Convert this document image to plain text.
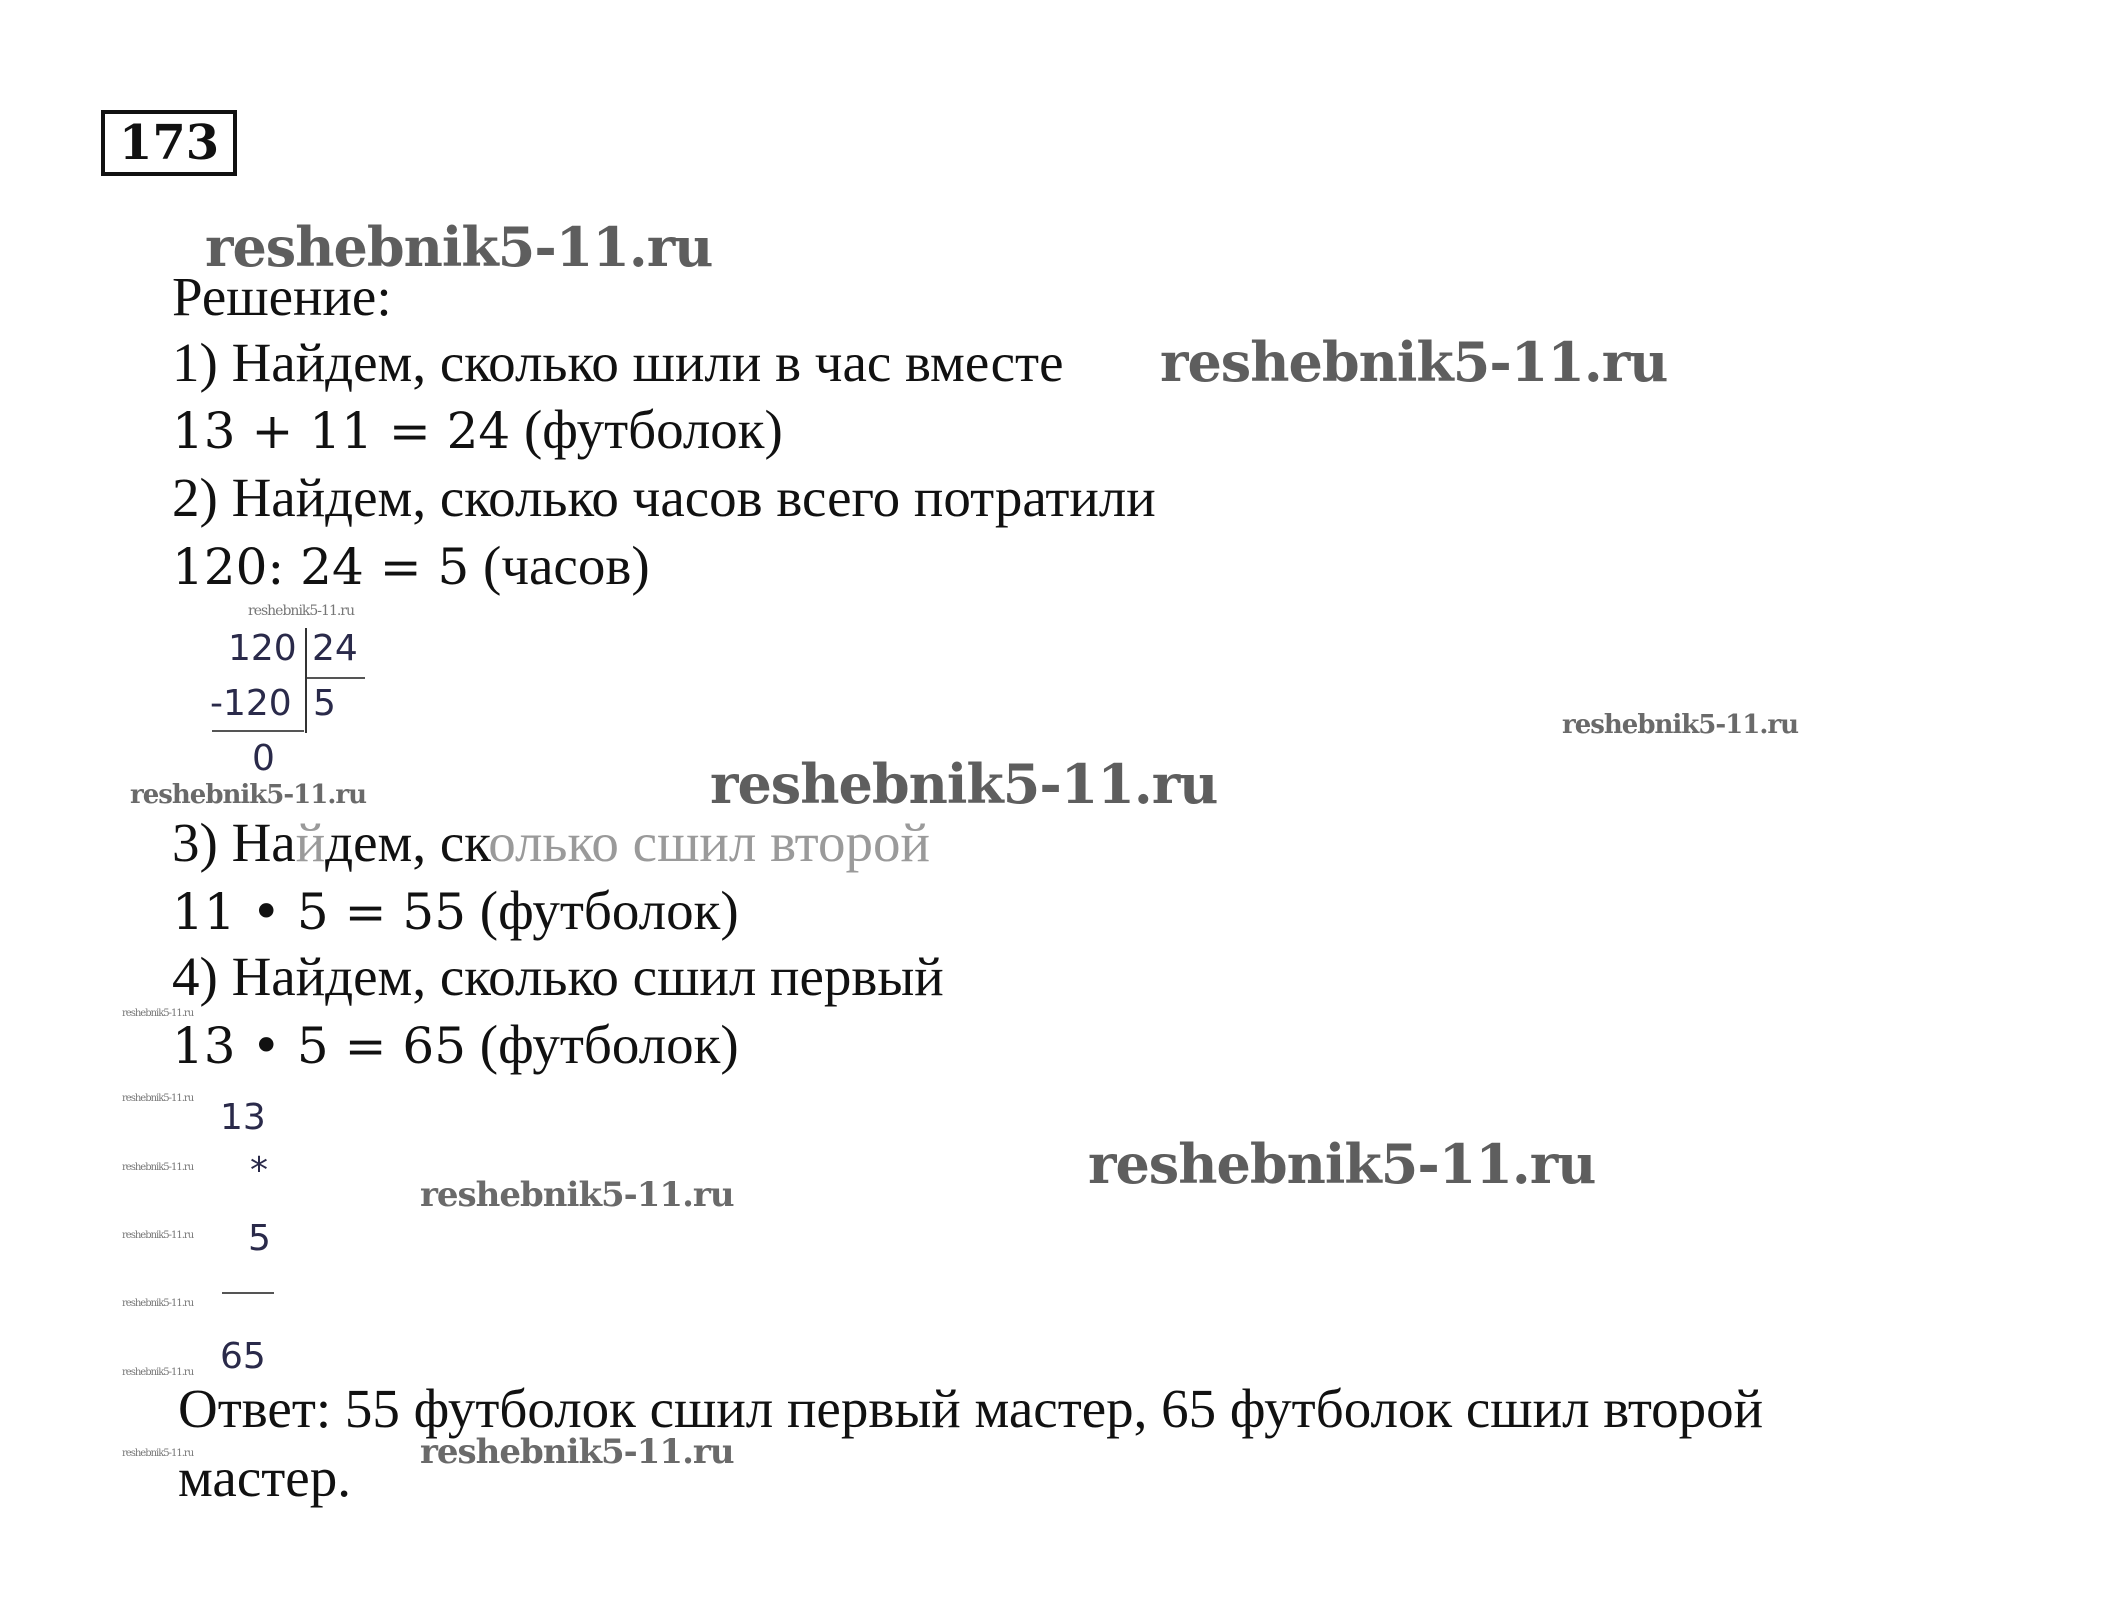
173
reshebnik5-11.ru
reshebnik5-11.ru
reshebnik5-11.ru
reshebnik5-11.ru
reshebnik5-11.ru	reshebnik5-11.ru
reshebnik5-11.ru
reshebnik5-11.ru
reshebnik5-11.ru
reshebnik5-11.ru
reshebnik5-11.ru
reshebnik5-11.ru
reshebnik5-11.ru
reshebnik5-11.ru	reshebnik5-11.ru
reshebnik5-11.ru
Решение:
1) Найдем, сколько шили в час вместе
13 + 11 = 24 (футболок)
2) Найдем, сколько часов всего потратили
120: 24 = 5 (часов)
120 24
-120 5
0
3) Найдем, сколько сшил второй
11 • 5 = 55 (футболок)
4) Найдем, сколько сшил первый
13 • 5 = 65 (футболок)
13
*
5
65
Ответ: 55 футболок сшил первый мастер, 65 футболок сшил второй
мастер.
